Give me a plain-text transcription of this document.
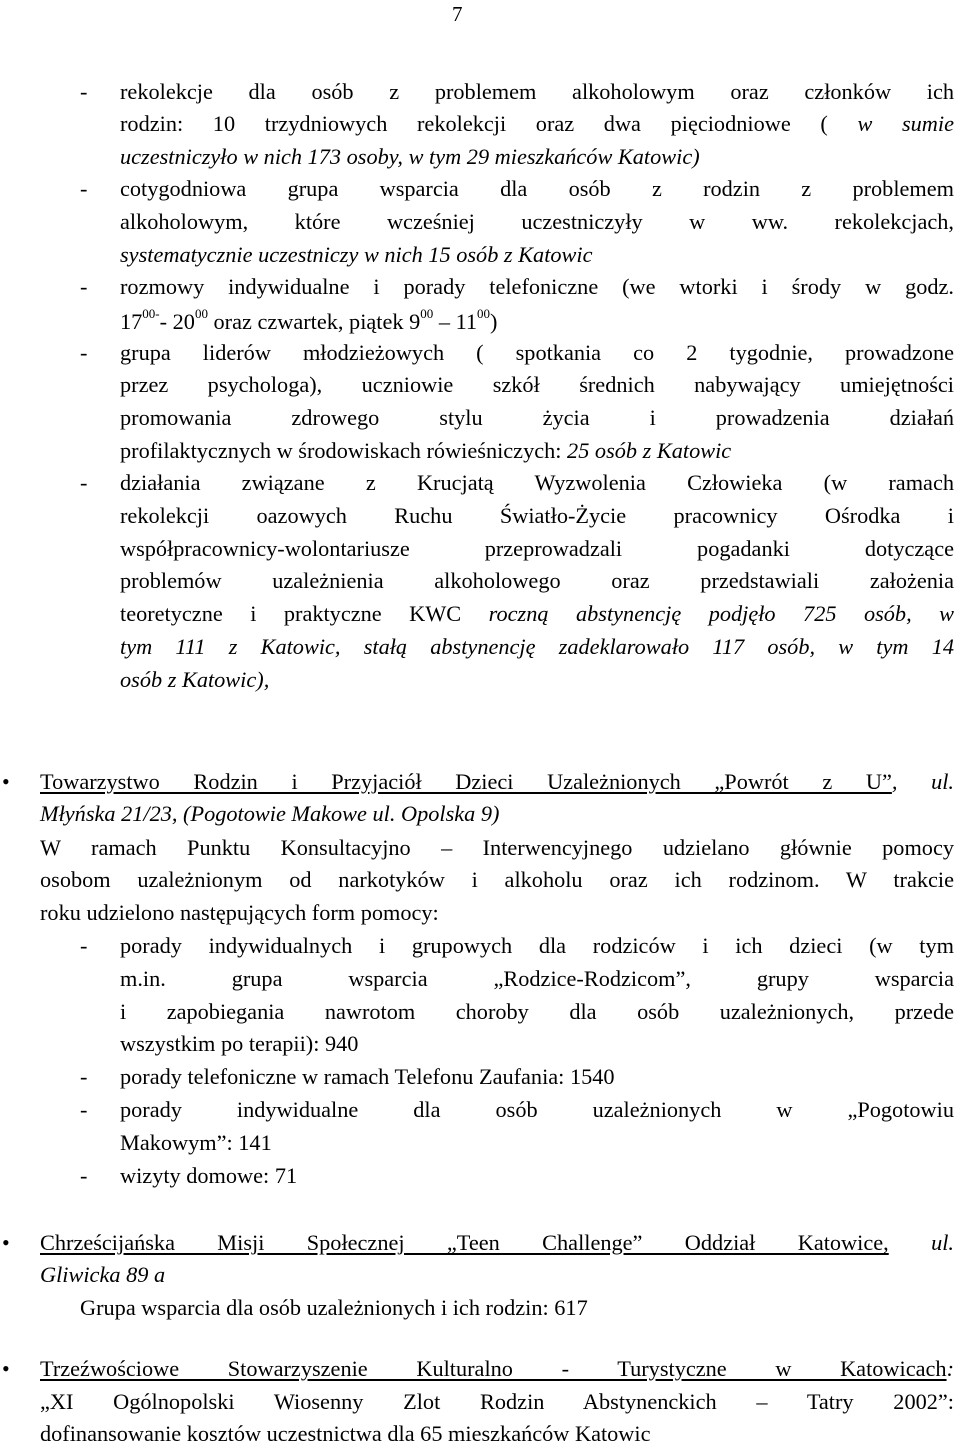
7
- rekolekcje dla osób z problemem alkoholowym oraz członków ich
rodzin: 10 trzydniowych rekolekcji oraz dwa pięciodniowe ( w sumie
uczestniczyło w nich 173 osoby, w tym 29 mieszkańców Katowic)
- cotygodniowa grupa wsparcia dla osób z rodzin z problemem
alkoholowym, które wcześniej uczestniczyły w ww. rekolekcjach,
systematycznie uczestniczy w nich 15 osób z Katowic
- rozmowy indywidualne i porady telefoniczne (we wtorki i środy w godz.
$17^{00-}-$ $20^{00}$ oraz czwartek, piątek $9^{00} - 11^{00}$)
- grupa liderów młodzieżowych ( spotkania co 2 tygodnie, prowadzone
przez psychologa), uczniowie szkół średnich nabywający umiejętności
promowania zdrowego stylu życia i prowadzenia działań
profilaktycznych w środowiskach rówieśniczych: 25 osób z Katowic
- działania związane z Krucjatą Wyzwolenia Człowieka (w ramach
rekolekcji oazowych Ruchu Światło-Życie pracownicy Ośrodka i
współpracownicy-wolontariusze przeprowadzali pogadanki dotyczące
problemów uzależnienia alkoholowego oraz przedstawiali założenia
teoretyczne i praktyczne KWC roczną abstynencję podjęło 725 osób, w
tym 111 z Katowic, stałą abstynencję zadeklarowało 117 osób, w tym 14
osób z Katowic),
• Towarzystwo Rodzin i Przyjaciół Dzieci Uzależnionych „Powrót z U”, ul.
Młyńska 21/23, (Pogotowie Makowe ul. Opolska 9)
W ramach Punktu Konsultacyjno – Interwencyjnego udzielano głównie pomocy
osobom uzależnionym od narkotyków i alkoholu oraz ich rodzinom. W trakcie
roku udzielono następujących form pomocy:
- porady indywidualnych i grupowych dla rodziców i ich dzieci (w tym
m.in. grupa wsparcia „Rodzice-Rodzicom”, grupy wsparcia
i zapobiegania nawrotom choroby dla osób uzależnionych, przede
wszystkim po terapii): 940
- porady telefoniczne w ramach Telefonu Zaufania: 1540
- porady indywidualne dla osób uzależnionych w „Pogotowiu
Makowym”: 141
- wizyty domowe: 71
• Chrześcijańska Misji Społecznej „Teen Challenge” Oddział Katowice, ul.
Gliwicka 89 a
Grupa wsparcia dla osób uzależnionych i ich rodzin: 617
• Trzeźwościowe Stowarzyszenie Kulturalno - Turystyczne w Katowicach:
„XI Ogólnopolski Wiosenny Zlot Rodzin Abstynenckich – Tatry 2002”:
dofinansowanie kosztów uczestnictwa dla 65 mieszkańców Katowic
